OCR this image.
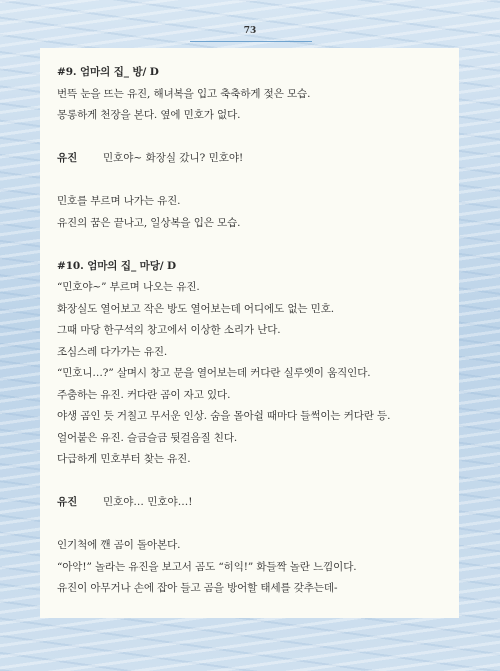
73
#9. 엄마의 집_ 방/ D
번뜩 눈을 뜨는 유진, 해녀복을 입고 축축하게 젖은 모습.
몽롱하게 천장을 본다. 옆에 민호가 없다.
유진	민호야~ 화장실 갔니? 민호야!
민호를 부르며 나가는 유진.
유진의 꿈은 끝나고, 일상복을 입은 모습.
#10. 엄마의 집_ 마당/ D
“민호야~” 부르며 나오는 유진.
화장실도 열어보고 작은 방도 열어보는데 어디에도 없는 민호.
그때 마당 한구석의 창고에서 이상한 소리가 난다.
조심스레 다가가는 유진.
“민호니…?” 살며시 창고 문을 열어보는데 커다란 실루엣이 움직인다.
주춤하는 유진. 커다란 곰이 자고 있다.
야생 곰인 듯 거칠고 무서운 인상. 숨을 몰아쉴 때마다 들썩이는 커다란 등.
얼어붙은 유진. 슬금슬금 뒷걸음질 친다.
다급하게 민호부터 찾는 유진.
유진	민호야… 민호야…!
인기척에 깬 곰이 돌아본다.
“아악!” 놀라는 유진을 보고서 곰도 “히익!” 화들짝 놀란 느낌이다.
유진이 아무거나 손에 잡아 들고 곰을 방어할 태세를 갖추는데-
